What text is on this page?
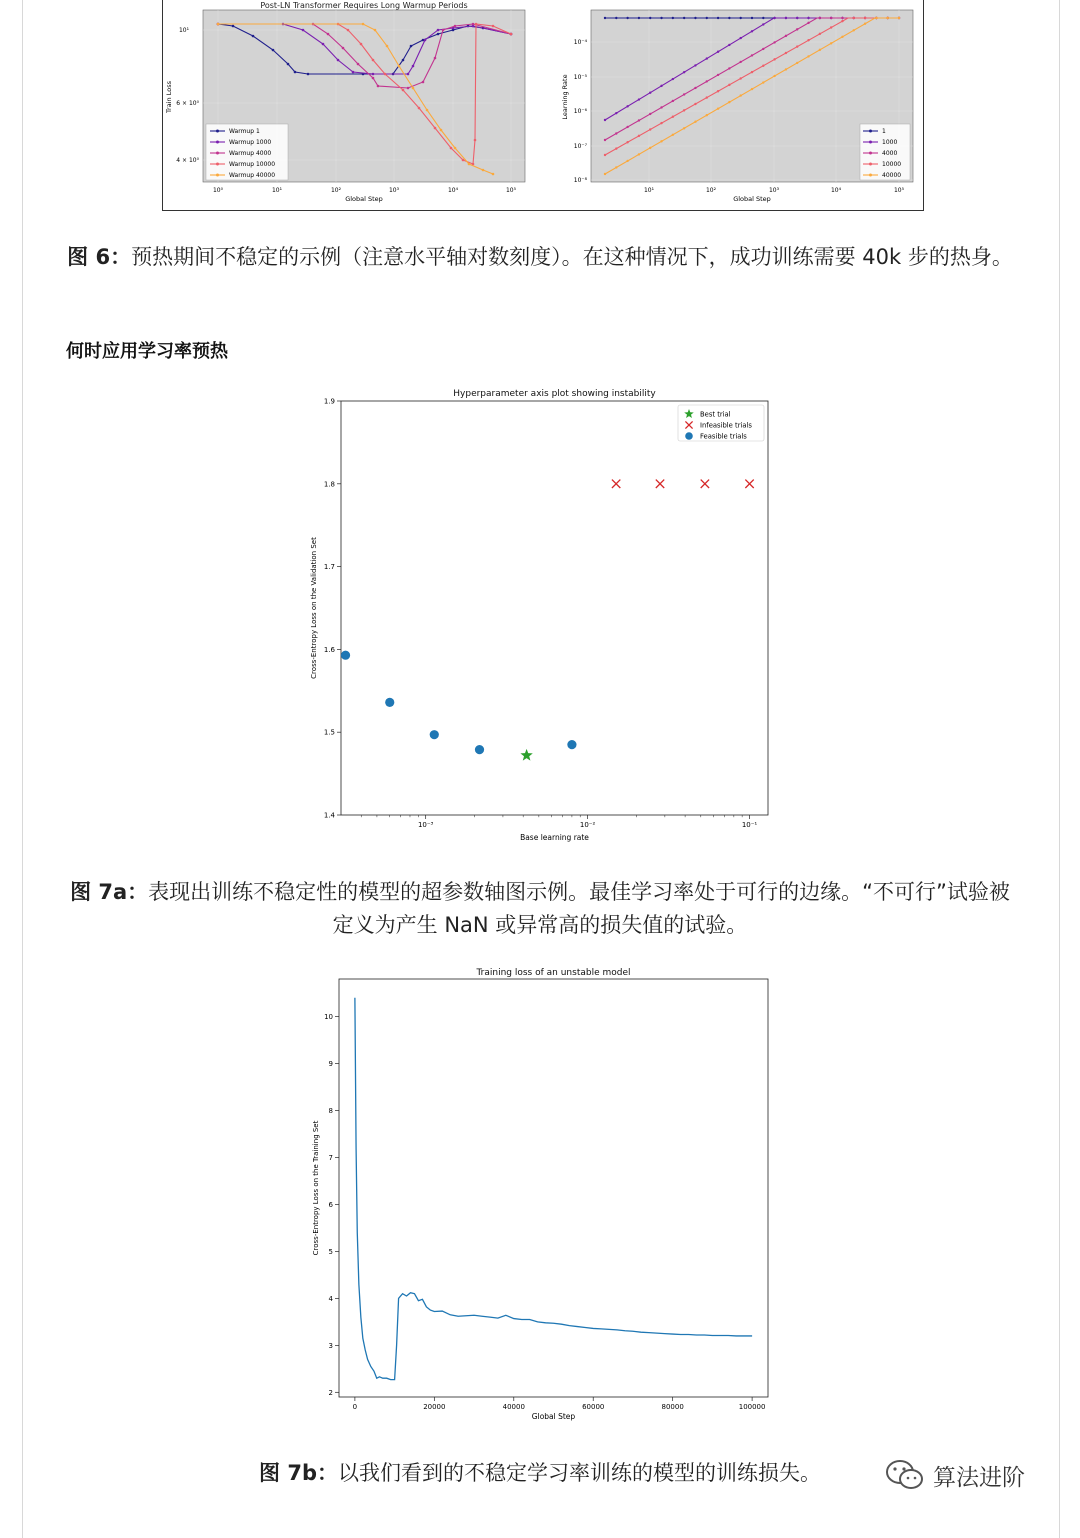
Post-LN Transformer Requires Long Warmup Periods
10¹
6 × 10⁰
4 × 10⁰
10⁰	10¹	10²	10³	10⁴	10⁵
Global Step
Train Loss
Warmup 1
Warmup 1000
Warmup 4000
Warmup 10000
Warmup 40000
10⁻⁴
10⁻⁵
10⁻⁶
10⁻⁷
10⁻⁸
10¹	10²	10³	10⁴	10⁵
Global Step
Learning Rate
1
1000
4000
10000
40000
图 6：预热期间不稳定的示例（注意水平轴对数刻度）。在这种情况下，成功训练需要 40k 步的热身。
何时应用学习率预热
Hyperparameter axis plot showing instability
1.9
1.8
1.7
1.6
1.5
1.4
10⁻³	10⁻²	10⁻¹
Base learning rate
Cross-Entropy Loss on the Validation Set
Best trial
Infeasible trials
Feasible trials
图 7a：表现出训练不稳定性的模型的超参数轴图示例。最佳学习率处于可行的边缘。“不可行”试验被定义为产生 NaN 或异常高的损失值的试验。
Training loss of an unstable model
10
9
8
7
6
5
4
3
2
0	20000	40000	60000	80000	100000
Global Step
Cross-Entropy Loss on the Training Set
图 7b：以我们看到的不稳定学习率训练的模型的训练损失。	算法进阶
